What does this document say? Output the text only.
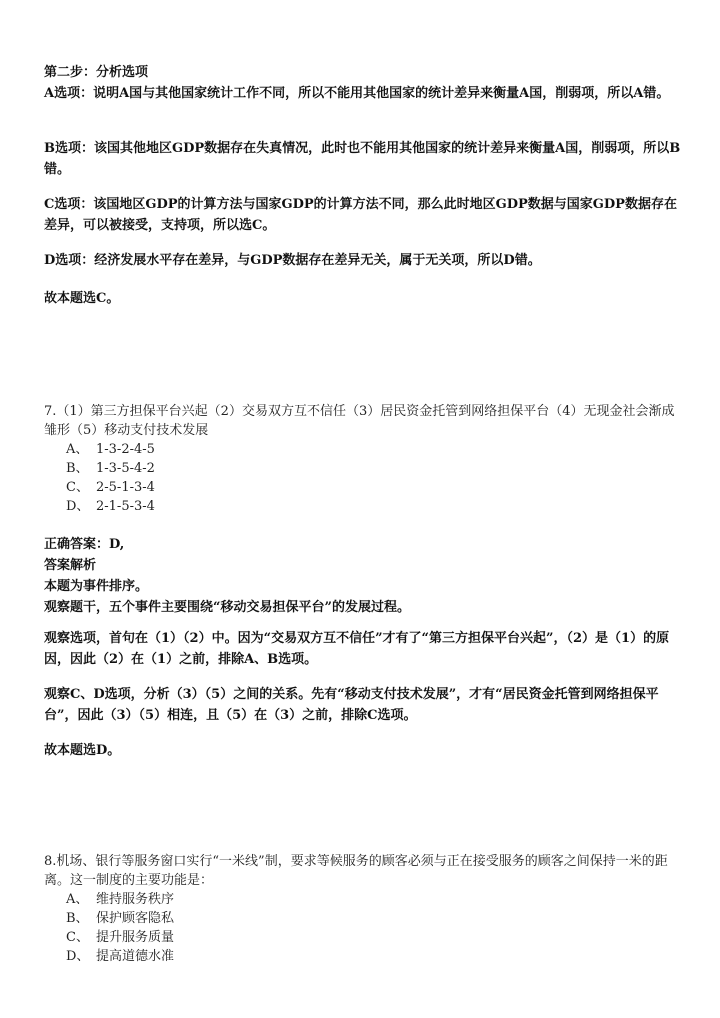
第二步：分析选项

A选项：说明A国与其他国家统计工作不同，所以不能用其他国家的统计差异来衡量A国，削弱项，所以A错。

B选项：该国其他地区GDP数据存在失真情况，此时也不能用其他国家的统计差异来衡量A国，削弱项，所以B错。
C选项：该国地区GDP的计算方法与国家GDP的计算方法不同，那么此时地区GDP数据与国家GDP数据存在差异，可以被接受，支持项，所以选C。
D选项：经济发展水平存在差异，与GDP数据存在差异无关，属于无关项，所以D错。
故本题选C。
7.（1）第三方担保平台兴起（2）交易双方互不信任（3）居民资金托管到网络担保平台（4）无现金社会渐成雏形（5）移动支付技术发展
A、 1-3-2-4-5
B、 1-3-5-4-2
C、 2-5-1-3-4
D、 2-1-5-3-4

正确答案：D,

答案解析

本题为事件排序。

观察题干，五个事件主要围绕“移动交易担保平台”的发展过程。

观察选项，首句在（1）（2）中。因为“交易双方互不信任”才有了“第三方担保平台兴起”，（2）是（1）的原因，因此（2）在（1）之前，排除A、B选项。
观察C、D选项，分析（3）（5）之间的关系。先有“移动支付技术发展”，才有“居民资金托管到网络担保平台”，因此（3）（5）相连，且（5）在（3）之前，排除C选项。
故本题选D。
8.机场、银行等服务窗口实行“一米线”制，要求等候服务的顾客必须与正在接受服务的顾客之间保持一米的距离。这一制度的主要功能是：
A、 维持服务秩序
B、 保护顾客隐私
C、 提升服务质量
D、 提高道德水准
